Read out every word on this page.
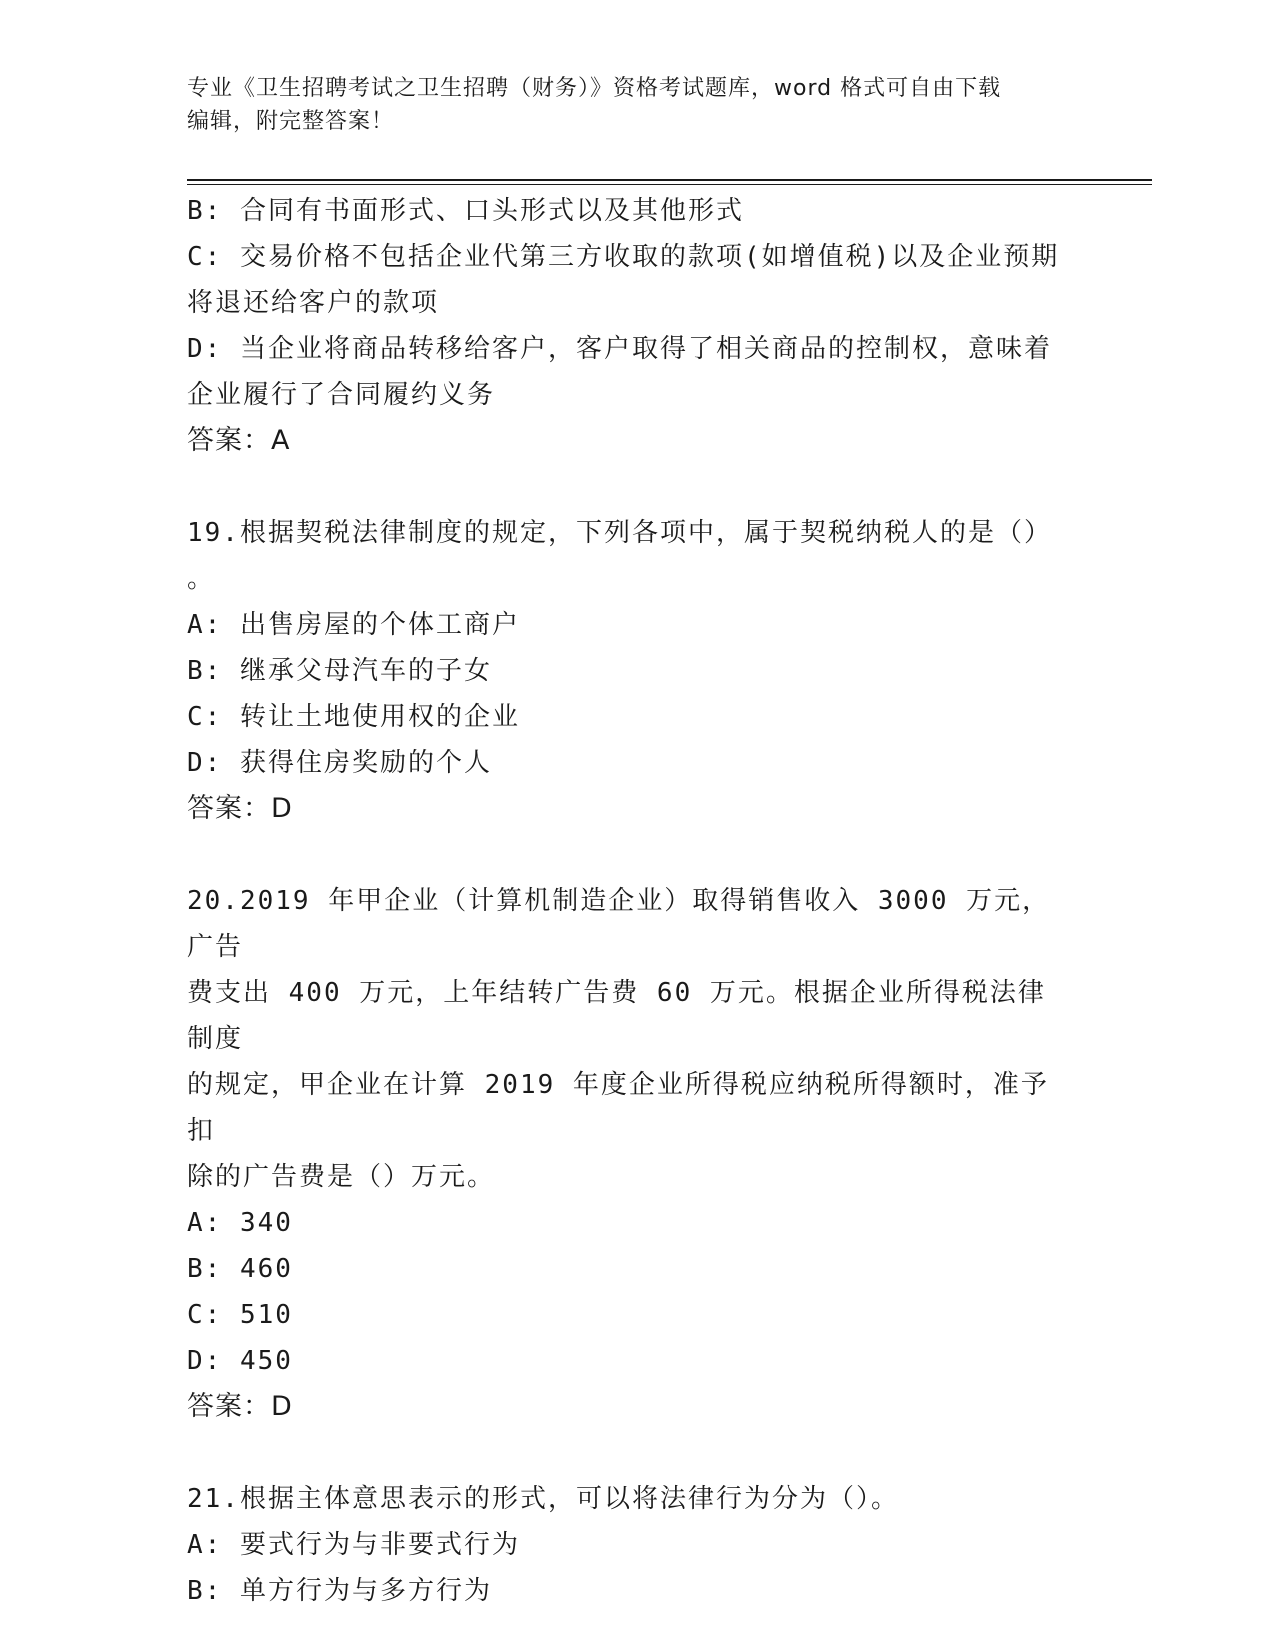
专业《卫生招聘考试之卫生招聘（财务）》资格考试题库，word 格式可自由下载

编辑，附完整答案！

B: 合同有书面形式、口头形式以及其他形式

C: 交易价格不包括企业代第三方收取的款项(如增值税)以及企业预期

将退还给客户的款项

D: 当企业将商品转移给客户，客户取得了相关商品的控制权，意味着

企业履行了合同履约义务

答案：A

19.根据契税法律制度的规定，下列各项中，属于契税纳税人的是（）

。

A: 出售房屋的个体工商户

B: 继承父母汽车的子女

C: 转让土地使用权的企业

D: 获得住房奖励的个人

答案：D

20.2019 年甲企业（计算机制造企业）取得销售收入 3000 万元，广告

费支出 400 万元，上年结转广告费 60 万元。根据企业所得税法律制度

的规定，甲企业在计算 2019 年度企业所得税应纳税所得额时，准予扣

除的广告费是（）万元。

A: 340

B: 460

C: 510

D: 450

答案：D

21.根据主体意思表示的形式，可以将法律行为分为（）。

A: 要式行为与非要式行为

B: 单方行为与多方行为
